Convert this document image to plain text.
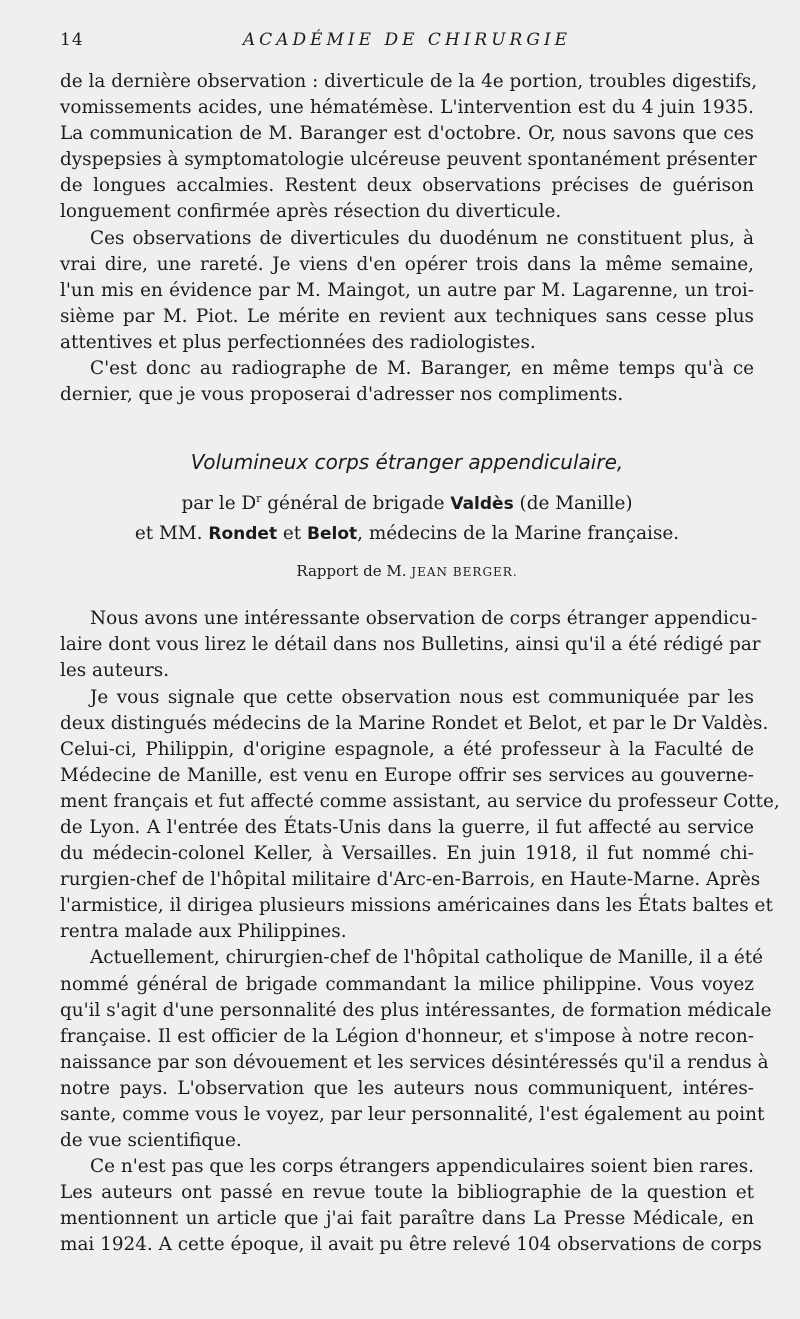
14	ACADÉMIE DE CHIRURGIE
de la dernière observation : diverticule de la 4e portion, troubles digestifs,
vomissements acides, une hématémèse. L'intervention est du 4 juin 1935.
La communication de M. Baranger est d'octobre. Or, nous savons que ces
dyspepsies à symptomatologie ulcéreuse peuvent spontanément présenter
de longues accalmies. Restent deux observations précises de guérison
longuement confirmée après résection du diverticule.
Ces observations de diverticules du duodénum ne constituent plus, à
vrai dire, une rareté. Je viens d'en opérer trois dans la même semaine,
l'un mis en évidence par M. Maingot, un autre par M. Lagarenne, un troi-
sième par M. Piot. Le mérite en revient aux techniques sans cesse plus
attentives et plus perfectionnées des radiologistes.
C'est donc au radiographe de M. Baranger, en même temps qu'à ce
dernier, que je vous proposerai d'adresser nos compliments.
Volumineux corps étranger appendiculaire,
par le $D^r$ général de brigade Valdès (de Manille)
et MM. Rondet et Belot, médecins de la Marine française.
Rapport de M. JEAN BERGER.
Nous avons une intéressante observation de corps étranger appendicu-
laire dont vous lirez le détail dans nos Bulletins, ainsi qu'il a été rédigé par
les auteurs.
Je vous signale que cette observation nous est communiquée par les
deux distingués médecins de la Marine Rondet et Belot, et par le Dr Valdès.
Celui-ci, Philippin, d'origine espagnole, a été professeur à la Faculté de
Médecine de Manille, est venu en Europe offrir ses services au gouverne-
ment français et fut affecté comme assistant, au service du professeur Cotte,
de Lyon. A l'entrée des États-Unis dans la guerre, il fut affecté au service
du médecin-colonel Keller, à Versailles. En juin 1918, il fut nommé chi-
rurgien-chef de l'hôpital militaire d'Arc-en-Barrois, en Haute-Marne. Après
l'armistice, il dirigea plusieurs missions américaines dans les États baltes et
rentra malade aux Philippines.
Actuellement, chirurgien-chef de l'hôpital catholique de Manille, il a été
nommé général de brigade commandant la milice philippine. Vous voyez
qu'il s'agit d'une personnalité des plus intéressantes, de formation médicale
française. Il est officier de la Légion d'honneur, et s'impose à notre recon-
naissance par son dévouement et les services désintéressés qu'il a rendus à
notre pays. L'observation que les auteurs nous communiquent, intéres-
sante, comme vous le voyez, par leur personnalité, l'est également au point
de vue scientifique.
Ce n'est pas que les corps étrangers appendiculaires soient bien rares.
Les auteurs ont passé en revue toute la bibliographie de la question et
mentionnent un article que j'ai fait paraître dans La Presse Médicale, en
mai 1924. A cette époque, il avait pu être relevé 104 observations de corps
